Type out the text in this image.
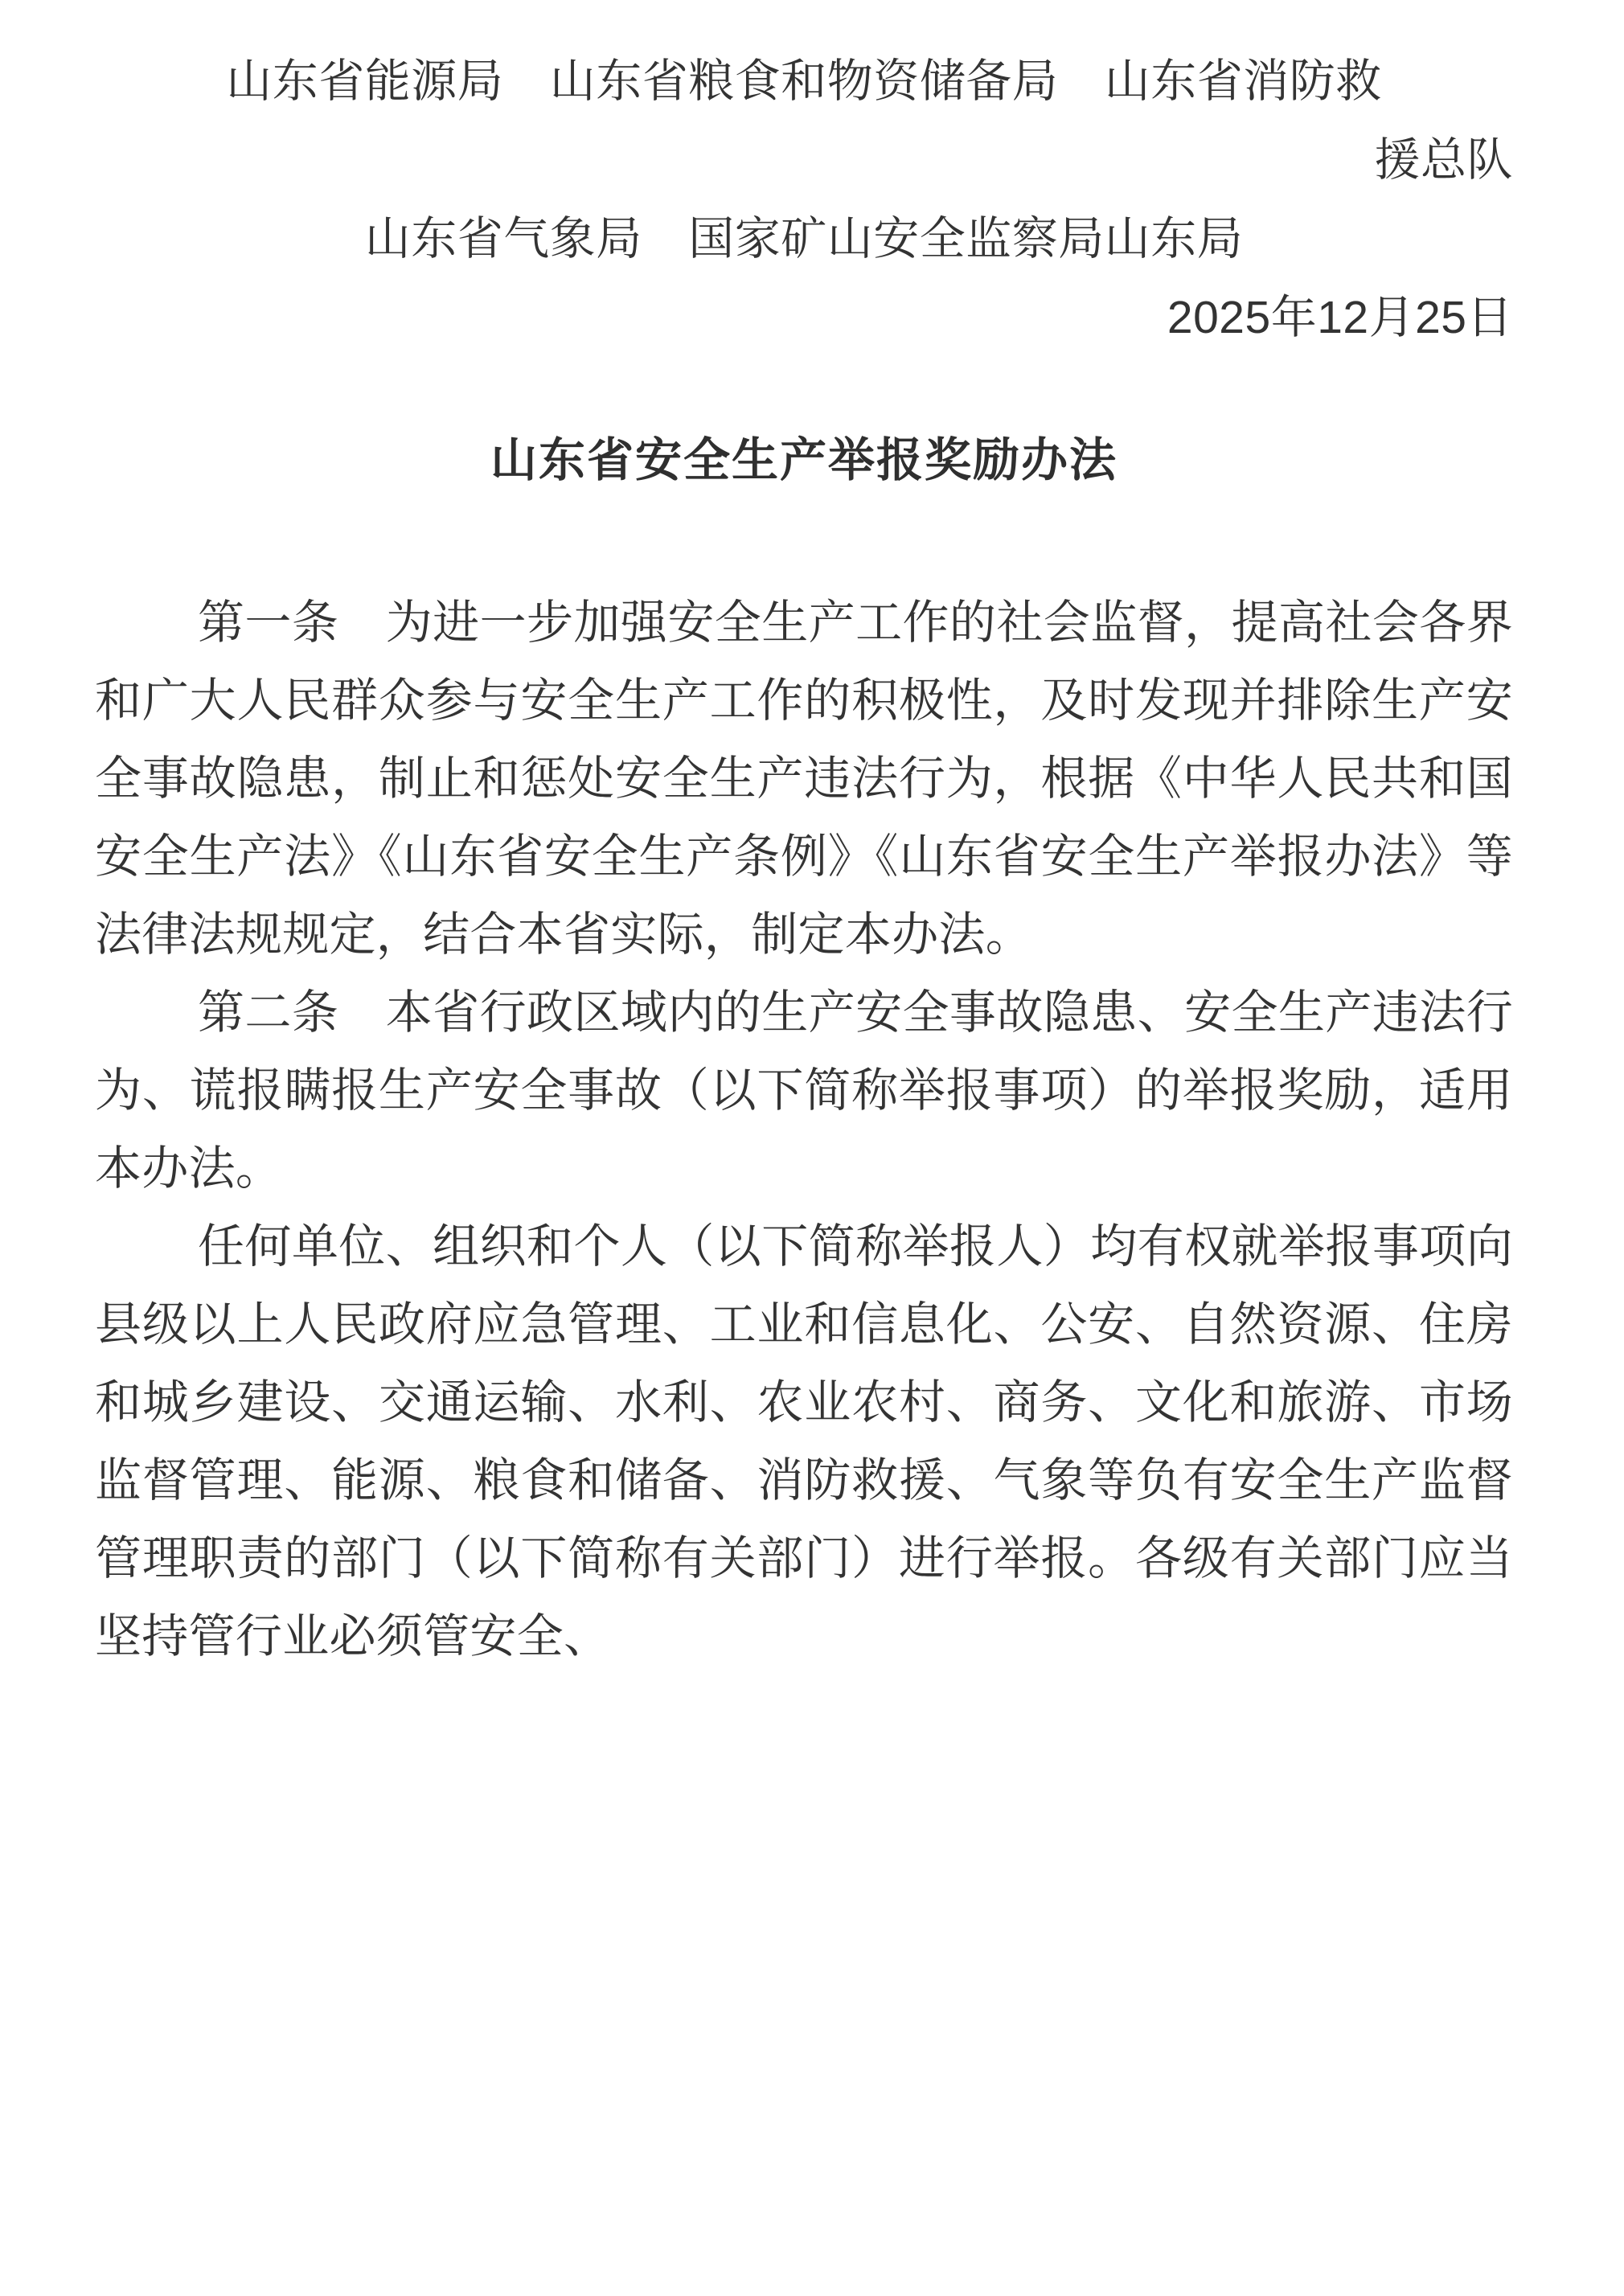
山东省能源局　山东省粮食和物资储备局　山东省消防救
援总队
山东省气象局　国家矿山安全监察局山东局
2025年12月25日
山东省安全生产举报奖励办法

第一条　为进一步加强安全生产工作的社会监督，提高社会各界和广大人民群众参与安全生产工作的积极性，及时发现并排除生产安全事故隐患，制止和惩处安全生产违法行为，根据《中华人民共和国安全生产法》《山东省安全生产条例》《山东省安全生产举报办法》等法律法规规定，结合本省实际，制定本办法。

第二条　本省行政区域内的生产安全事故隐患、安全生产违法行为、谎报瞒报生产安全事故（以下简称举报事项）的举报奖励，适用本办法。

任何单位、组织和个人（以下简称举报人）均有权就举报事项向县级以上人民政府应急管理、工业和信息化、公安、自然资源、住房和城乡建设、交通运输、水利、农业农村、商务、文化和旅游、市场监督管理、能源、粮食和储备、消防救援、气象等负有安全生产监督管理职责的部门（以下简称有关部门）进行举报。各级有关部门应当坚持管行业必须管安全、
